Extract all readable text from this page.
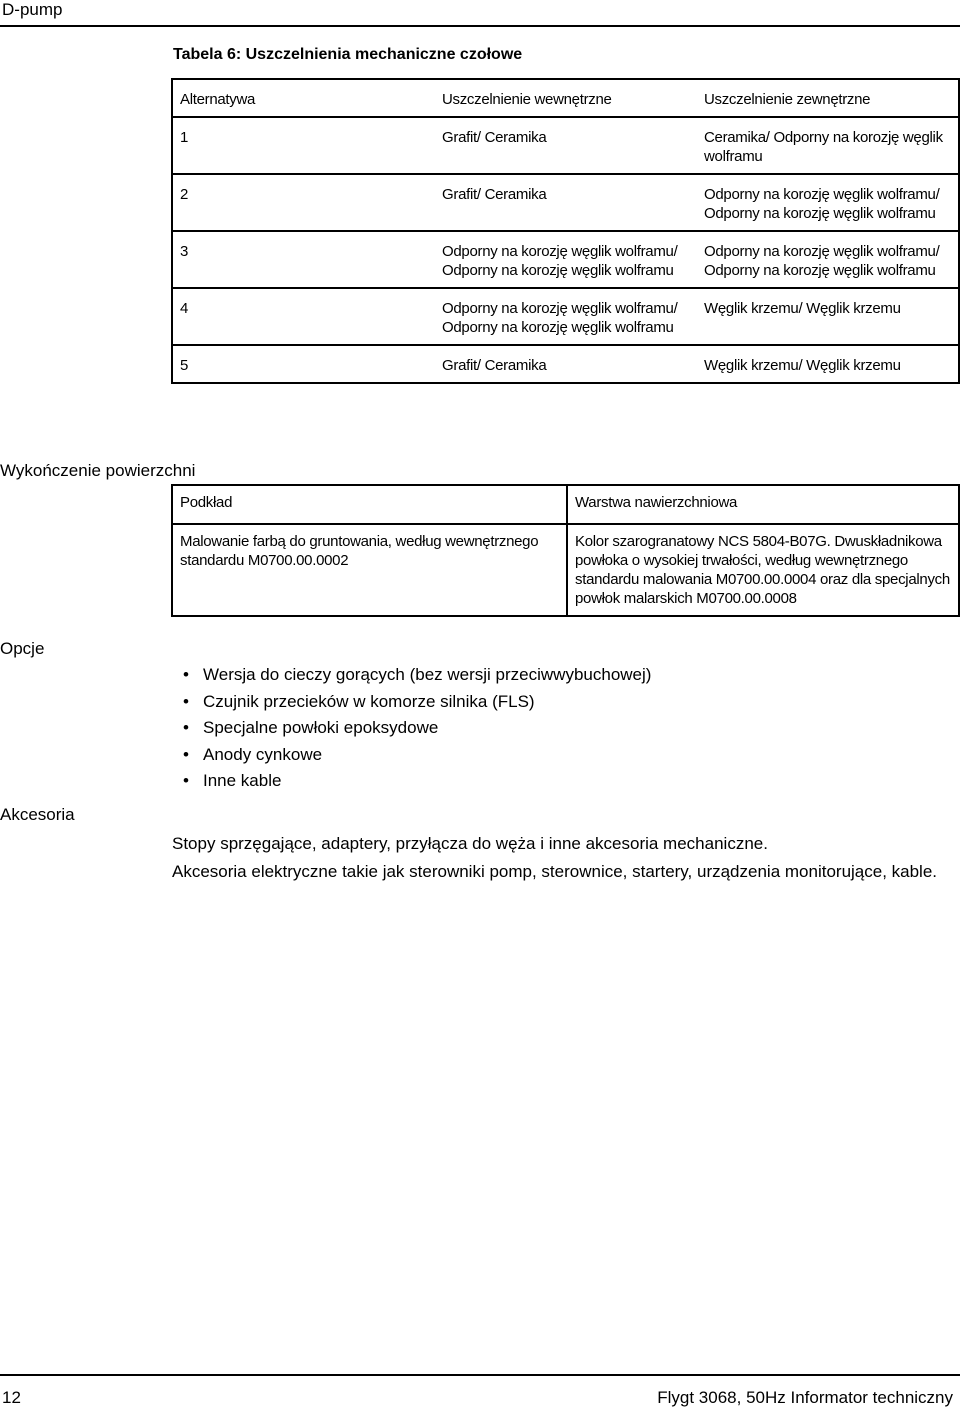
D-pump
Tabela 6: Uszczelnienia mechaniczne czołowe
Alternatywa	Uszczelnienie wewnętrzne	Uszczelnienie zewnętrzne
1	Grafit/ Ceramika	Ceramika/ Odporny na korozję węglik wolframu
2	Grafit/ Ceramika	Odporny na korozję węglik wolframu/ Odporny na korozję węglik wolframu
3	Odporny na korozję węglik wolframu/ Odporny na korozję węglik wolframu	Odporny na korozję węglik wolframu/ Odporny na korozję węglik wolframu
4	Odporny na korozję węglik wolframu/ Odporny na korozję węglik wolframu	Węglik krzemu/ Węglik krzemu
5	Grafit/ Ceramika	Węglik krzemu/ Węglik krzemu
Wykończenie powierzchni
Podkład	Warstwa nawierzchniowa
Malowanie farbą do gruntowania, według wewnętrznego standardu M0700.00.0002	Kolor szarogranatowy NCS 5804-B07G. Dwuskładnikowa powłoka o wysokiej trwałości, według wewnętrznego standardu malowania M0700.00.0004 oraz dla specjalnych powłok malarskich M0700.00.0008
Opcje
• Wersja do cieczy gorących (bez wersji przeciwwybuchowej)
• Czujnik przecieków w komorze silnika (FLS)
• Specjalne powłoki epoksydowe
• Anody cynkowe
• Inne kable
Akcesoria
Stopy sprzęgające, adaptery, przyłącza do węża i inne akcesoria mechaniczne.
Akcesoria elektryczne takie jak sterowniki pomp, sterownice, startery, urządzenia monitorujące, kable.
12	Flygt 3068, 50Hz Informator techniczny
